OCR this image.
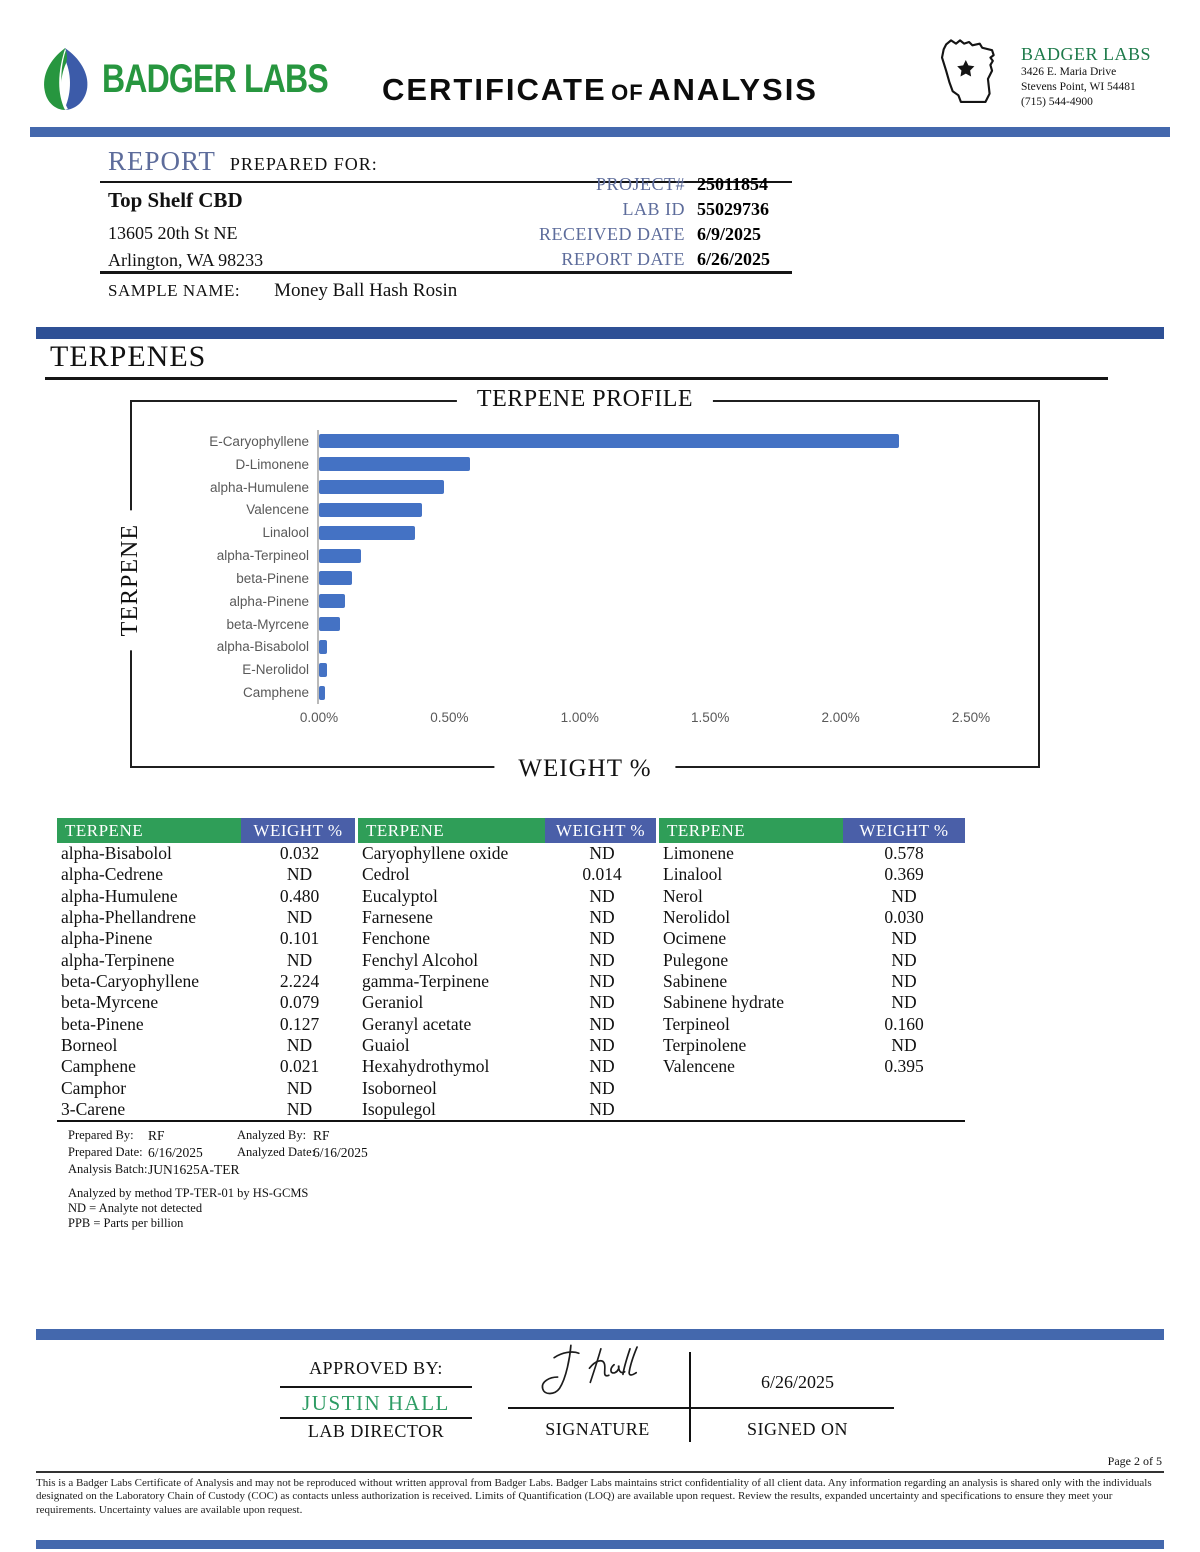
BADGER LABS	CERTIFICATE OF ANALYSIS
BADGER LABS
3426 E. Maria Drive
Stevens Point, WI 54481
(715) 544-4900
REPORT PREPARED FOR:
Top Shelf CBD
13605 20th St NE
Arlington, WA 98233
PROJECT# 25011854
LAB ID 55029736
RECEIVED DATE 6/9/2025
REPORT DATE 6/26/2025
SAMPLE NAME: Money Ball Hash Rosin
TERPENES
TERPENE PROFILE
TERPENE
E-Caryophyllene
D-Limonene
alpha-Humulene
Valencene
Linalool
alpha-Terpineol
beta-Pinene
alpha-Pinene
beta-Myrcene
alpha-Bisabolol
E-Nerolidol
Camphene
0.00%	0.50%	1.00%	1.50%	2.00%	2.50%
WEIGHT %
TERPENE	WEIGHT %	TERPENE	WEIGHT %	TERPENE	WEIGHT %
alpha-Bisabolol	0.032	Caryophyllene oxide	ND	Limonene	0.578
alpha-Cedrene	ND	Cedrol	0.014	Linalool	0.369
alpha-Humulene	0.480	Eucalyptol	ND	Nerol	ND
alpha-Phellandrene	ND	Farnesene	ND	Nerolidol	0.030
alpha-Pinene	0.101	Fenchone	ND	Ocimene	ND
alpha-Terpinene	ND	Fenchyl Alcohol	ND	Pulegone	ND
beta-Caryophyllene	2.224	gamma-Terpinene	ND	Sabinene	ND
beta-Myrcene	0.079	Geraniol	ND	Sabinene hydrate	ND
beta-Pinene	0.127	Geranyl acetate	ND	Terpineol	0.160
Borneol	ND	Guaiol	ND	Terpinolene	ND
Camphene	0.021	Hexahydrothymol	ND	Valencene	0.395
Camphor	ND	Isoborneol	ND
3-Carene	ND	Isopulegol	ND
Prepared By: RF	Analyzed By: RF
Prepared Date: 6/16/2025	Analyzed Date:
6/16/2025
Analysis Batch: JUN1625A-TER
Analyzed by method TP-TER-01 by HS-GCMS
ND = Analyte not detected
PPB = Parts per billion
APPROVED BY:
JUSTIN HALL
LAB DIRECTOR	SIGNATURE
6/26/2025
SIGNED ON
Page 2 of 5
This is a Badger Labs Certificate of Analysis and may not be reproduced without written approval from Badger Labs. Badger Labs maintains strict confidentiality of all client data. Any information regarding an analysis is shared only with the individuals designated on the Laboratory Chain of Custody (COC) as contacts unless authorization is received. Limits of Quantification (LOQ) are available upon request. Review the results, expanded uncertainty and specifications to ensure they meet your requirements. Uncertainty values are available upon request.
